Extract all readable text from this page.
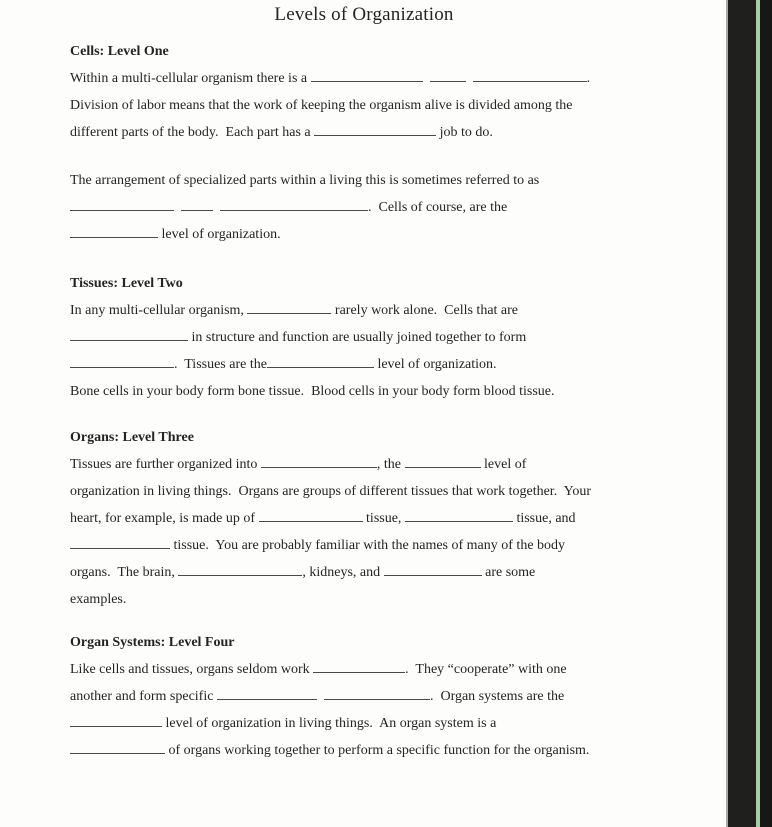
Levels of Organization
Cells: Level One
Within a multi-cellular organism there is a	.
Division of labor means that the work of keeping the organism alive is divided among the
different parts of the body.  Each part has a	job to do.
The arrangement of specialized parts within a living this is sometimes referred to as
.  Cells of course, are the
level of organization.
Tissues: Level Two
In any multi-cellular organism,	rarely work alone.  Cells that are
in structure and function are usually joined together to form
.  Tissues are the	level of organization.
Bone cells in your body form bone tissue.  Blood cells in your body form blood tissue.
Organs: Level Three
Tissues are further organized into	, the	level of
organization in living things.  Organs are groups of different tissues that work together.  Your
heart, for example, is made up of	tissue,	tissue, and
tissue.  You are probably familiar with the names of many of the body
organs.  The brain,	, kidneys, and	are some
examples.
Organ Systems: Level Four
Like cells and tissues, organs seldom work	.  They “cooperate” with one
another and form specific	.  Organ systems are the
level of organization in living things.  An organ system is a
of organs working together to perform a specific function for the organism.
